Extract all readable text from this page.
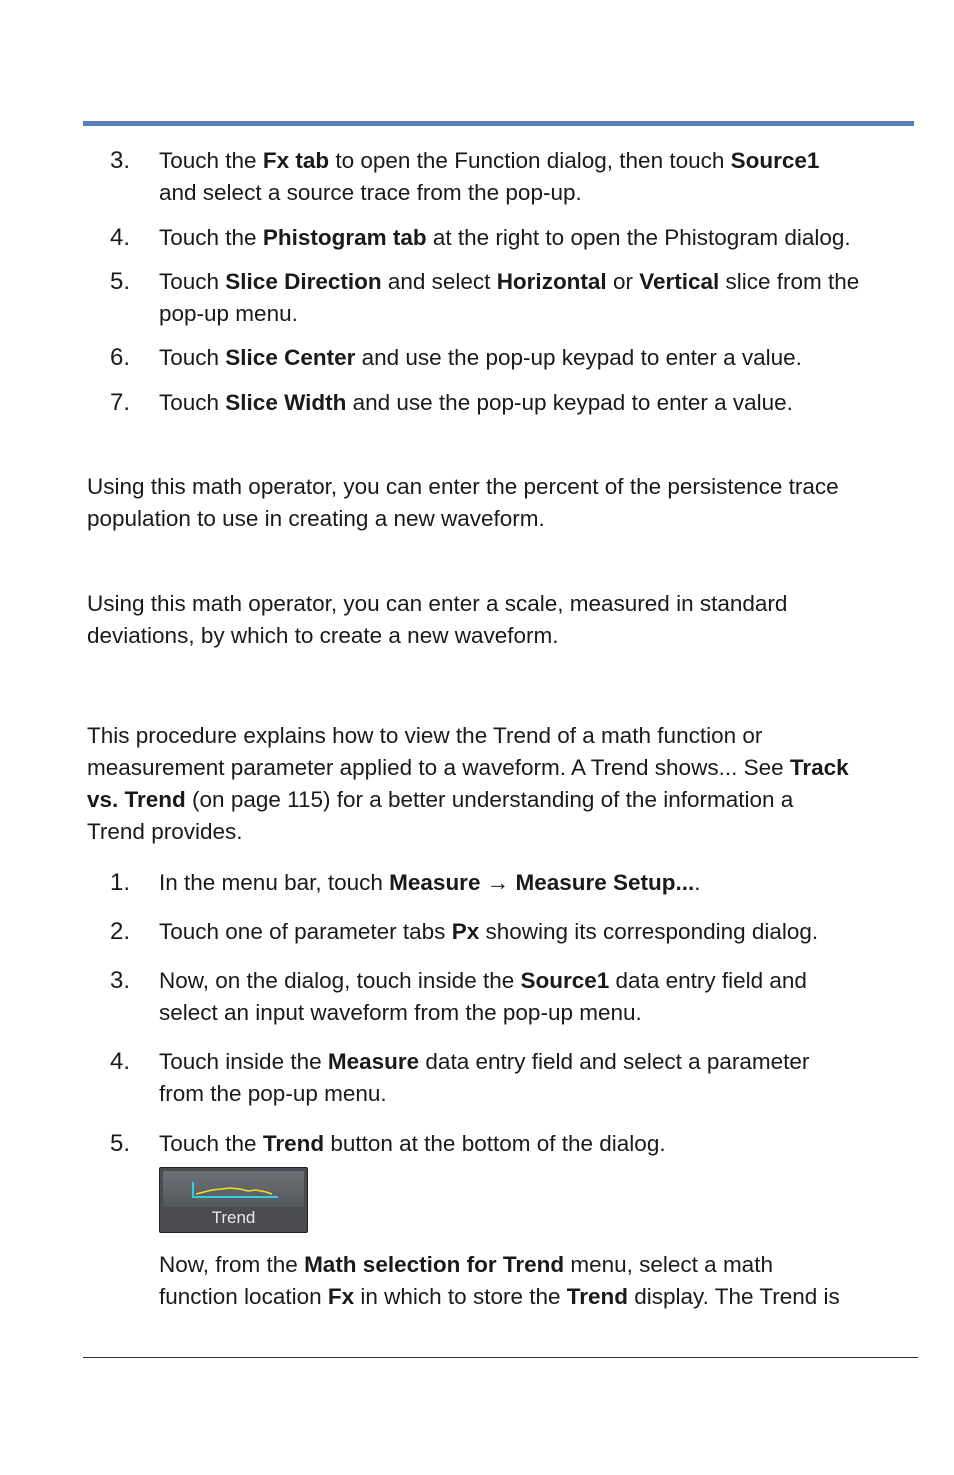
3.	Touch the Fx tab to open the Function dialog, then touch Source1
and select a source trace from the pop-up.
4.	Touch the Phistogram tab at the right to open the Phistogram dialog.
5.	Touch Slice Direction and select Horizontal or Vertical slice from the
pop-up menu.
6.	Touch Slice Center and use the pop-up keypad to enter a value.
7.	Touch Slice Width and use the pop-up keypad to enter a value.
Using this math operator, you can enter the percent of the persistence trace
population to use in creating a new waveform.
Using this math operator, you can enter a scale, measured in standard
deviations, by which to create a new waveform.
This procedure explains how to view the Trend of a math function or
measurement parameter applied to a waveform. A Trend shows... See Track
vs. Trend (on page 115) for a better understanding of the information a
Trend provides.
1.	In the menu bar, touch Measure → Measure Setup....
2.	Touch one of parameter tabs Px showing its corresponding dialog.
3.	Now, on the dialog, touch inside the Source1 data entry field and
select an input waveform from the pop-up menu.
4.	Touch inside the Measure data entry field and select a parameter
from the pop-up menu.
5.	Touch the Trend button at the bottom of the dialog.
Trend
Now, from the Math selection for Trend menu, select a math
function location Fx in which to store the Trend display. The Trend is
